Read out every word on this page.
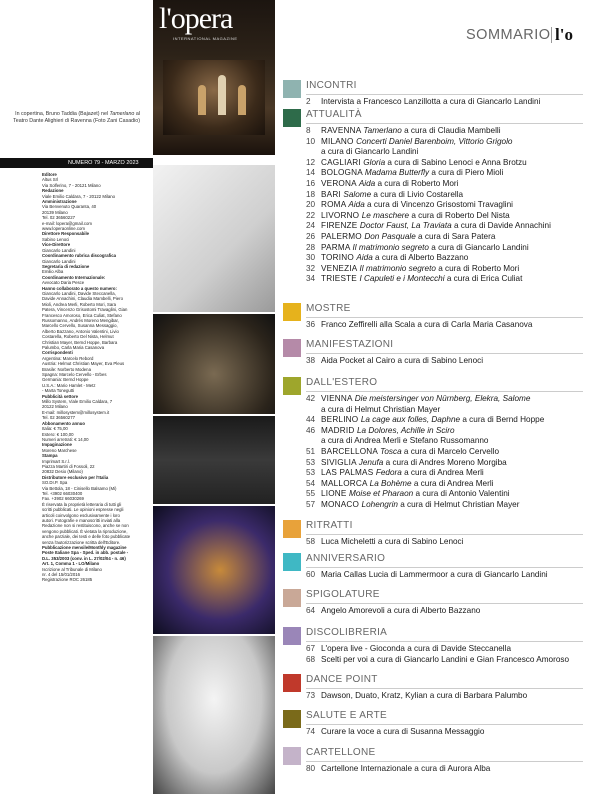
l'opera
INTERNATIONAL MAGAZINE
In copertina, Bruno Taddia (Bajazet) nel Tamerlano al Teatro Dante Alighieri di Ravenna (Foto Zani Casadio)
NUMERO 79 - MARZO 2023
Editore
Altus Srl
Via Solferino, 7 - 20121 Milano
Redazione
Viale Emilio Caldara, 7 - 20122 Milano
Amministrazione
Via Benvenuto Quaranta, 40
20139 Milano
Tel. 02 36560227
e-mail: lopera@gmail.com
www.loperaonline.com
Direttore Responsabile
Sabino Lenoci
Vice-Direttore
Giancarlo Landini
Coordinamento rubrica discografica
Giancarlo Landini
Segretaria di redazione
Emilio Alba
Coordinamento Internazionale:
Avvocato Daria Pesce
Hanno collaborato a questo numero:
Giancarlo Landini, Davide Steccanella,
Davide Annachini, Claudia Mambelli, Piero
Mioli, Andrea Merli, Roberto Mori, Sara
Patera, Vincenzo Grisostomi Travaglini, Gian
Francesco Amoroso, Erica Culiat, Stefano
Russomanno, Andrés Moreno Mengibar,
Marcello Cervello, Susanna Messaggio,
Alberto Bazzano, Antonio Valentini, Livio
Costarella, Roberto Del Nista, Helmut
Christian Mayer, Bernd Hoppe, Barbara
Palumbo, Carla Maria Casanova
Corrispondenti
Argentina: Marcelo Rebord
Austria: Helmut Christian Mayer, Eva Pleus
Brasile: Norberto Modena
Spagna: Marcelo Cervello - Erbes
Germania: Bernd Hoppe
U.S.A.: Mario Hamlet - Metz
- Marta Tonegutti
Pubblicità settore
Millo System, Viale Emilio Caldara, 7
20122 Milano
E-mail: millosystem@millosystem.it
Tel. 02 36560277
Abbonamento annuo
Italia: € 75,00
Estero: € 100,00
Numeri arretrati: € 14,00
Impaginazione
Moreno Marchese
Stampa
Imprimart S.r.l.
Piazza Martiri di Fossoli, 22
20832 Desio (Milano)
Distributore esclusivo per l'Italia
SO.DI.P. Spa
Via Bettola, 18 - Cinisello Balsamo (Mi)
Tel. +3902 66030400
Fax. +3902 66030269
È riservata la proprietà letteraria di tutti gli
scritti pubblicati. Le opinioni espresse negli
articoli coinvolgono esclusivamente i loro
autori. Fotografie e manoscritti inviati alla
Redazione non si restituiscono, anche se non
vengono pubblicati. È vietata la riproduzione,
anche parziale, dei testi e delle foto pubblicate
senza l'autorizzazione scritta dell'Editore.
Pubblicazione mensile/Monthly magazine
Poste Italiane Spa - Sped. in abb. postale -
D.L. 353/2003 (conv. in L. 27/02/04 - n. 46)
Art. 1, Comma 1 - LO/Milano
Iscrizione al Tribunale di Milano
nr. 4 del 15/01/2016
Registrazione ROC 26185
SOMMARIO l'o
INCONTRI
2 Intervista a Francesco Lanzillotta a cura di Giancarlo Landini
ATTUALITÀ
8 RAVENNA Tamerlano a cura di Claudia Mambelli
10 MILANO Concerti Daniel Barenboim, Vittorio Grigolo
a cura di Giancarlo Landini
12 CAGLIARI Gloria a cura di Sabino Lenoci e Anna Brotzu
14 BOLOGNA Madama Butterfly a cura di Piero Mioli
16 VERONA Aida a cura di Roberto Mori
18 BARI Salome a cura di Livio Costarella
20 ROMA Aida a cura di Vincenzo Grisostomi Travaglini
22 LIVORNO Le maschere a cura di Roberto Del Nista
24 FIRENZE Doctor Faust, La Traviata a cura di Davide Annachini
26 PALERMO Don Pasquale a cura di Sara Patera
28 PARMA Il matrimonio segreto a cura di Giancarlo Landini
30 TORINO Aida a cura di Alberto Bazzano
32 VENEZIA Il matrimonio segreto a cura di Roberto Mori
34 TRIESTE I Capuleti e i Montecchi a cura di Erica Culiat
MOSTRE
36 Franco Zeffirelli alla Scala a cura di Carla Maria Casanova
MANIFESTAZIONI
38 Aida Pocket al Cairo a cura di Sabino Lenoci
DALL'ESTERO
42 VIENNA Die meistersinger von Nürnberg, Elekra, Salome
a cura di Helmut Christian Mayer
44 BERLINO La cage aux folles, Daphne a cura di Bernd Hoppe
46 MADRID La Dolores, Achille in Sciro
a cura di Andrea Merli e Stefano Russomanno
51 BARCELLONA Tosca a cura di Marcelo Cervello
53 SIVIGLIA Jenufa a cura di Andres Moreno Morgiba
53 LAS PALMAS Fedora a cura di Andrea Merli
54 MALLORCA La Bohème a cura di Andrea Merli
55 LIONE Moise et Pharaon a cura di Antonio Valentini
57 MONACO Lohengrin a cura di Helmut Christian Mayer
RITRATTI
58 Luca Micheletti a cura di Sabino Lenoci
ANNIVERSARIO
60 Maria Callas Lucia di Lammermoor a cura di Giancarlo Landini
SPIGOLATURE
64 Angelo Amorevoli a cura di Alberto Bazzano
DISCOLIBRERIA
67 L'opera live - Gioconda a cura di Davide Steccanella
68 Scelti per voi a cura di Giancarlo Landini e Gian Francesco Amoroso
DANCE POINT
73 Dawson, Duato, Kratz, Kylian a cura di Barbara Palumbo
SALUTE E ARTE
74 Curare la voce a cura di Susanna Messaggio
CARTELLONE
80 Cartellone Internazionale a cura di Aurora Alba
